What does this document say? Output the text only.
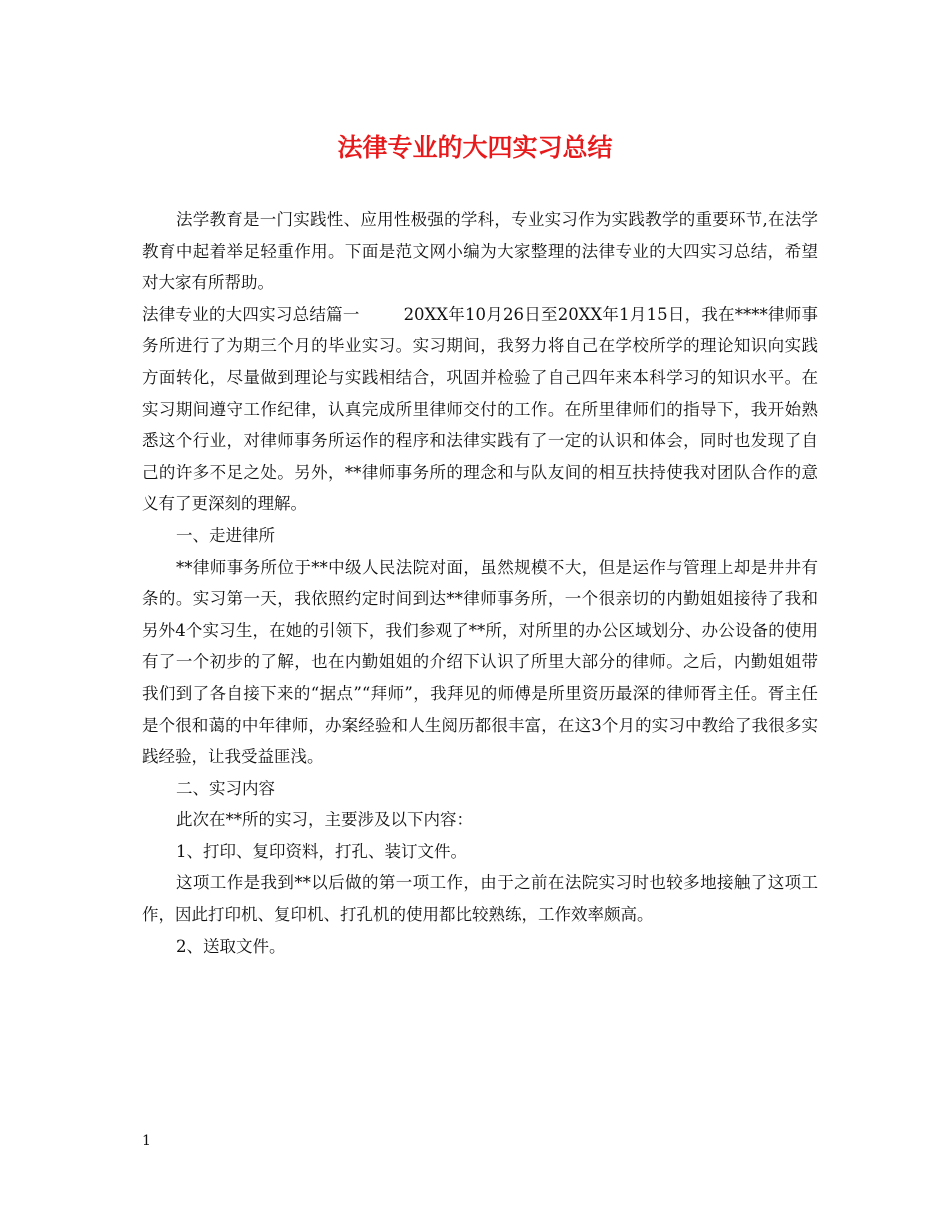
法律专业的大四实习总结

法学教育是一门实践性、应用性极强的学科，专业实习作为实践教学的重要环节,在法学教育中起着举足轻重作用。下面是范文网小编为大家整理的法律专业的大四实习总结，希望对大家有所帮助。

法律专业的大四实习总结篇一	20XX年10月26日至20XX年1月15日，我在****律师事务所进行了为期三个月的毕业实习。实习期间，我努力将自己在学校所学的理论知识向实践方面转化，尽量做到理论与实践相结合，巩固并检验了自己四年来本科学习的知识水平。在实习期间遵守工作纪律，认真完成所里律师交付的工作。在所里律师们的指导下，我开始熟悉这个行业，对律师事务所运作的程序和法律实践有了一定的认识和体会，同时也发现了自己的许多不足之处。另外，**律师事务所的理念和与队友间的相互扶持使我对团队合作的意义有了更深刻的理解。

一、走进律所

**律师事务所位于**中级人民法院对面，虽然规模不大，但是运作与管理上却是井井有条的。实习第一天，我依照约定时间到达**律师事务所，一个很亲切的内勤姐姐接待了我和另外4个实习生，在她的引领下，我们参观了**所，对所里的办公区域划分、办公设备的使用有了一个初步的了解，也在内勤姐姐的介绍下认识了所里大部分的律师。之后，内勤姐姐带我们到了各自接下来的“据点”“拜师”，我拜见的师傅是所里资历最深的律师胥主任。胥主任是个很和蔼的中年律师，办案经验和人生阅历都很丰富，在这3个月的实习中教给了我很多实践经验，让我受益匪浅。

二、实习内容

此次在**所的实习，主要涉及以下内容：

1、打印、复印资料，打孔、装订文件。

这项工作是我到**以后做的第一项工作，由于之前在法院实习时也较多地接触了这项工作，因此打印机、复印机、打孔机的使用都比较熟练，工作效率颇高。

2、送取文件。

1
